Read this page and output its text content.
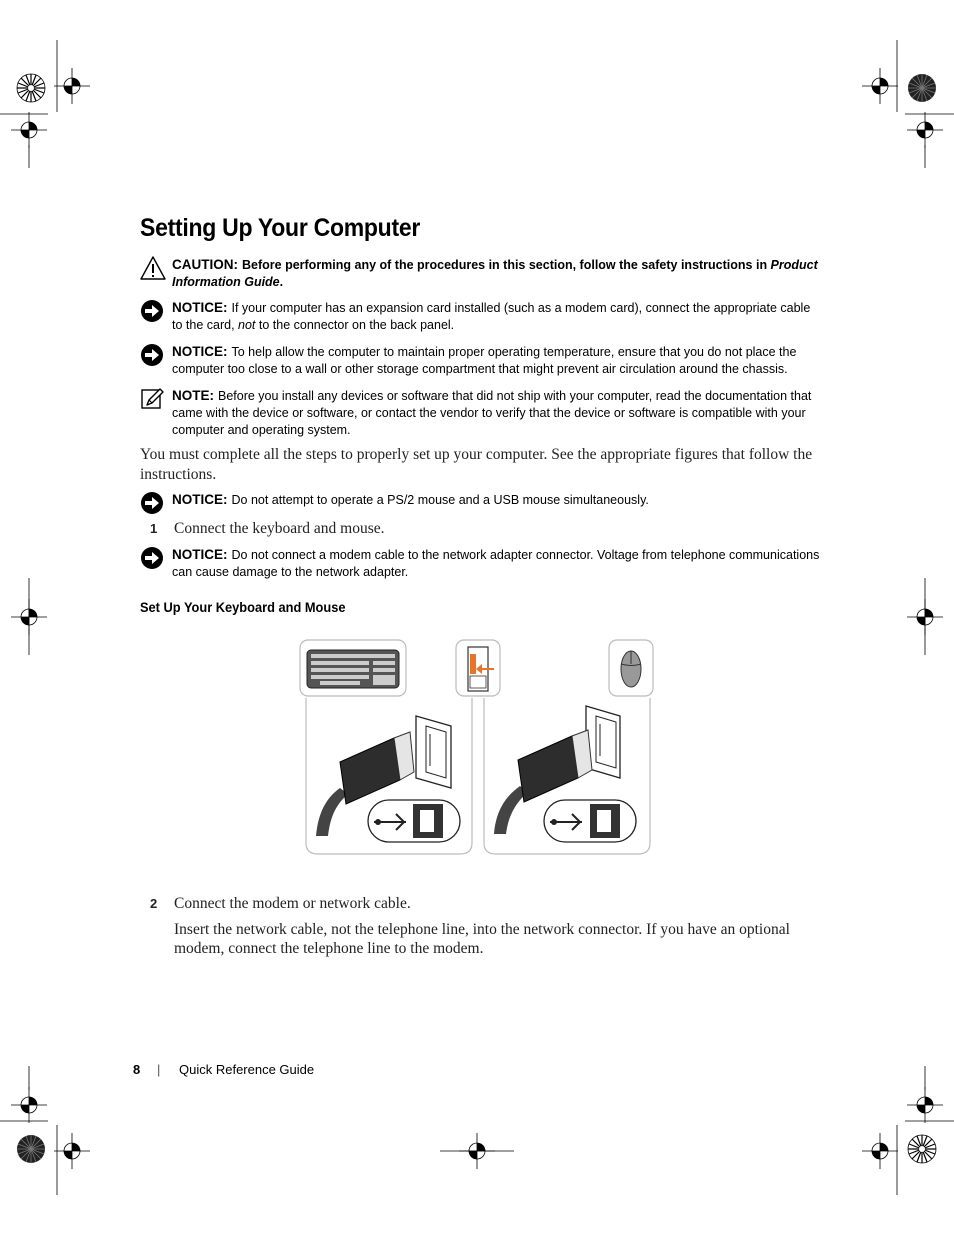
Setting Up Your Computer
CAUTION: Before performing any of the procedures in this section, follow the safety instructions in Product Information Guide.
NOTICE: If your computer has an expansion card installed (such as a modem card), connect the appropriate cable to the card, not to the connector on the back panel.
NOTICE: To help allow the computer to maintain proper operating temperature, ensure that you do not place the computer too close to a wall or other storage compartment that might prevent air circulation around the chassis.
NOTE: Before you install any devices or software that did not ship with your computer, read the documentation that came with the device or software, or contact the vendor to verify that the device or software is compatible with your computer and operating system.
You must complete all the steps to properly set up your computer. See the appropriate figures that follow the instructions.
NOTICE: Do not attempt to operate a PS/2 mouse and a USB mouse simultaneously.
1 Connect the keyboard and mouse.
NOTICE: Do not connect a modem cable to the network adapter connector. Voltage from telephone communications can cause damage to the network adapter.
Set Up Your Keyboard and Mouse
2 Connect the modem or network cable.
Insert the network cable, not the telephone line, into the network connector. If you have an optional modem, connect the telephone line to the modem.
8 | Quick Reference Guide
